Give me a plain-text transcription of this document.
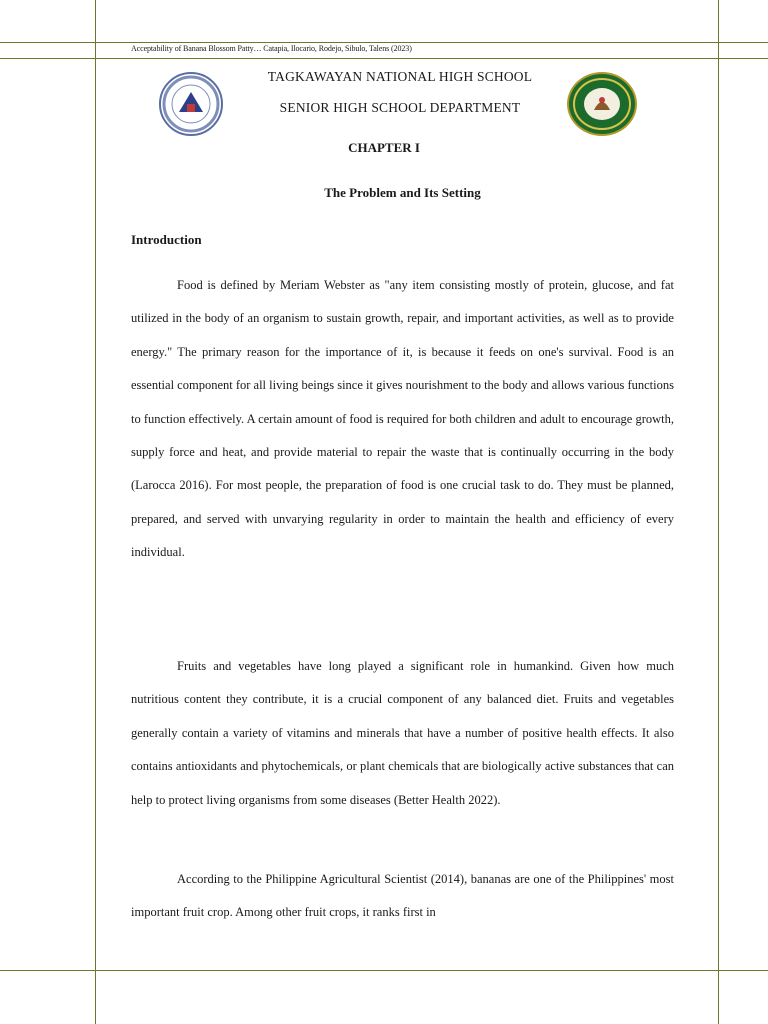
Acceptability of Banana Blossom Patty… Catapia, Ilocario, Rodejo, Sibulo, Talens (2023)
TAGKAWAYAN NATIONAL HIGH SCHOOL
SENIOR HIGH SCHOOL DEPARTMENT
CHAPTER I
The Problem and Its Setting
Introduction

Food is defined by Meriam Webster as "any item consisting mostly of protein, glucose, and fat utilized in the body of an organism to sustain growth, repair, and important activities, as well as to provide energy." The primary reason for the importance of it, is because it feeds on one's survival. Food is an essential component for all living beings since it gives nourishment to the body and allows various functions to function effectively. A certain amount of food is required for both children and adult to encourage growth, supply force and heat, and provide material to repair the waste that is continually occurring in the body (Larocca 2016). For most people, the preparation of food is one crucial task to do. They must be planned, prepared, and served with unvarying regularity in order to maintain the health and efficiency of every individual.

Fruits and vegetables have long played a significant role in humankind. Given how much nutritious content they contribute, it is a crucial component of any balanced diet. Fruits and vegetables generally contain a variety of vitamins and minerals that have a number of positive health effects. It also contains antioxidants and phytochemicals, or plant chemicals that are biologically active substances that can help to protect living organisms from some diseases (Better Health 2022).

According to the Philippine Agricultural Scientist (2014), bananas are one of the Philippines' most important fruit crop. Among other fruit crops, it ranks first in
